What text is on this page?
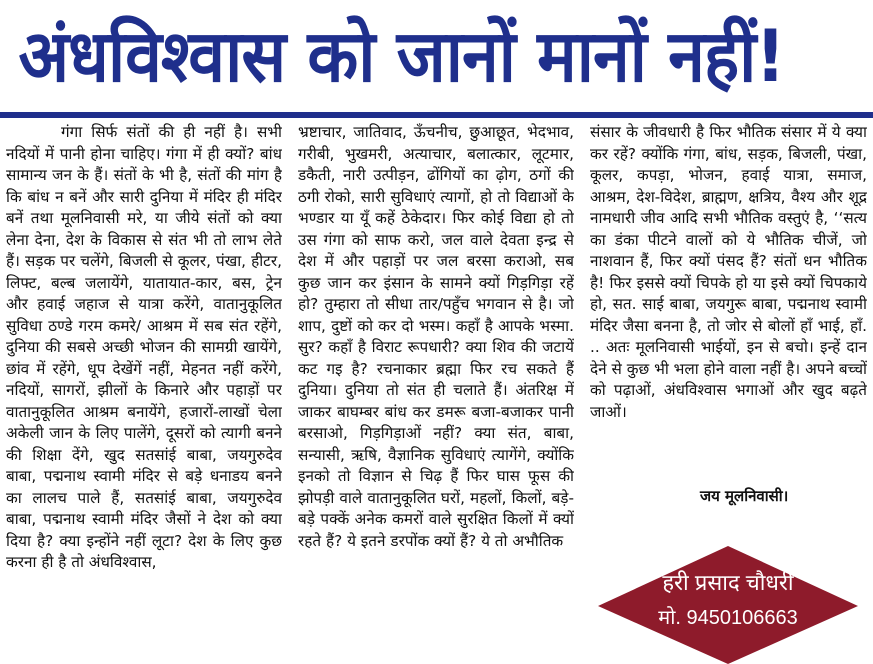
अंधविश्वास को जानों मानों नहीं!

गंगा सिर्फ संतों की ही नहीं है। सभी नदियों में पानी होना चाहिए। गंगा में ही क्यों? बांध सामान्य जन के हैं। संतों के भी है, संतों की मांग है कि बांध न बनें और सारी दुनिया में मंदिर ही मंदिर बनें तथा मूलनिवासी मरे, या जीये संतों को क्या लेना देना, देश के विकास से संत भी तो लाभ लेते हैं। सड़क पर चलेंगे, बिजली से कूलर, पंखा, हीटर, लिफ्ट, बल्ब जलायेंगे, यातायात-कार, बस, ट्रेन और हवाई जहाज से यात्रा करेंगे, वातानुकूलित सुविधा ठण्डे गरम कमरे/ आश्रम में सब संत रहेंगे, दुनिया की सबसे अच्छी भोजन की सामग्री खायेंगे, छांव में रहेंगे, धूप देखेंगें नहीं, मेहनत नहीं करेंगे, नदियों, सागरों, झीलों के किनारे और पहाड़ों पर वातानुकूलित आश्रम बनायेंगे, हजारों-लाखों चेला अकेली जान के लिए पालेंगे, दूसरों को त्यागी बनने की शिक्षा देंगे, खुद सतसांई बाबा, जयगुरुदेव बाबा, पद्मनाथ स्वामी मंदिर से बड़े धनाडय बनने का लालच पाले हैं, सतसांई बाबा, जयगुरुदेव बाबा, पद्मनाथ स्वामी मंदिर जैसों ने देश को क्या दिया है? क्या इन्होंने नहीं लूटा? देश के लिए कुछ करना ही है तो अंधविश्वास,

भ्रष्टाचार, जातिवाद, ऊँचनीच, छुआछूत, भेदभाव, गरीबी, भुखमरी, अत्याचार, बलात्कार, लूटमार, डकैती, नारी उत्पीड़न, ढोंगियों का ढ़ोग, ठगों की ठगी रोको, सारी सुविधाएं त्यागों, हो तो विद्याओं के भण्डार या यूँ कहें ठेकेदार। फिर कोई विद्या हो तो उस गंगा को साफ करो, जल वाले देवता इन्द्र से देश में और पहाड़ों पर जल बरसा कराओ, सब कुछ जान कर इंसान के सामने क्यों गिड़गिड़ा रहें हो? तुम्हारा तो सीधा तार/पहुँच भगवान से है। जो शाप, दुष्टों को कर दो भस्म। कहाँ है आपके भस्मा. सुर? कहाँ है विराट रूपधारी? क्या शिव की जटायें कट गइ है? रचनाकार ब्रह्मा फिर रच सकते हैं दुनिया। दुनिया तो संत ही चलाते हैं। अंतरिक्ष में जाकर बाघम्बर बांध कर डमरू बजा-बजाकर पानी बरसाओ, गिड़गिड़ाओं नहीं? क्या संत, बाबा, सन्यासी, ऋषि, वैज्ञानिक सुविधाएं त्यागेंगे, क्योंकि इनको तो विज्ञान से चिढ़ हैं फिर घास फूस की झोपड़ी वाले वातानुकूलित घरों, महलों, किलों, बड़े-बड़े पक्कें अनेक कमरों वाले सुरक्षित किलों में क्यों रहते हैं? ये इतने डरपोंक क्यों हैं? ये तो अभौतिक

संसार के जीवधारी है फिर भौतिक संसार में ये क्या कर रहें? क्योंकि गंगा, बांध, सड़क, बिजली, पंखा, कूलर, कपड़ा, भोजन, हवाई यात्रा, समाज, आश्रम, देश-विदेश, ब्राह्मण, क्षत्रिय, वैश्य और शूद्र नामधारी जीव आदि सभी भौतिक वस्तुएं है, ‘‘सत्य का डंका पीटने वालों को ये भौतिक चीजें, जो नाशवान हैं, फिर क्यों पंसद हैं? संतों धन भौतिक है! फिर इससे क्यों चिपके हो या इसे क्यों चिपकाये हो, सत. साई बाबा, जयगुरू बाबा, पद्मनाथ स्वामी मंदिर जैसा बनना है, तो जोर से बोलों हाँ भाई, हाँ. .. अतः मूलनिवासी भाईयों, इन से बचो। इन्हें दान देने से कुछ भी भला होने वाला नहीं है। अपने बच्चों को पढ़ाओं, अंधविश्वास भगाओं और खुद बढ़ते जाओं।

जय मूलनिवासी।
हरी प्रसाद चौधरी
मो. 9450106663
